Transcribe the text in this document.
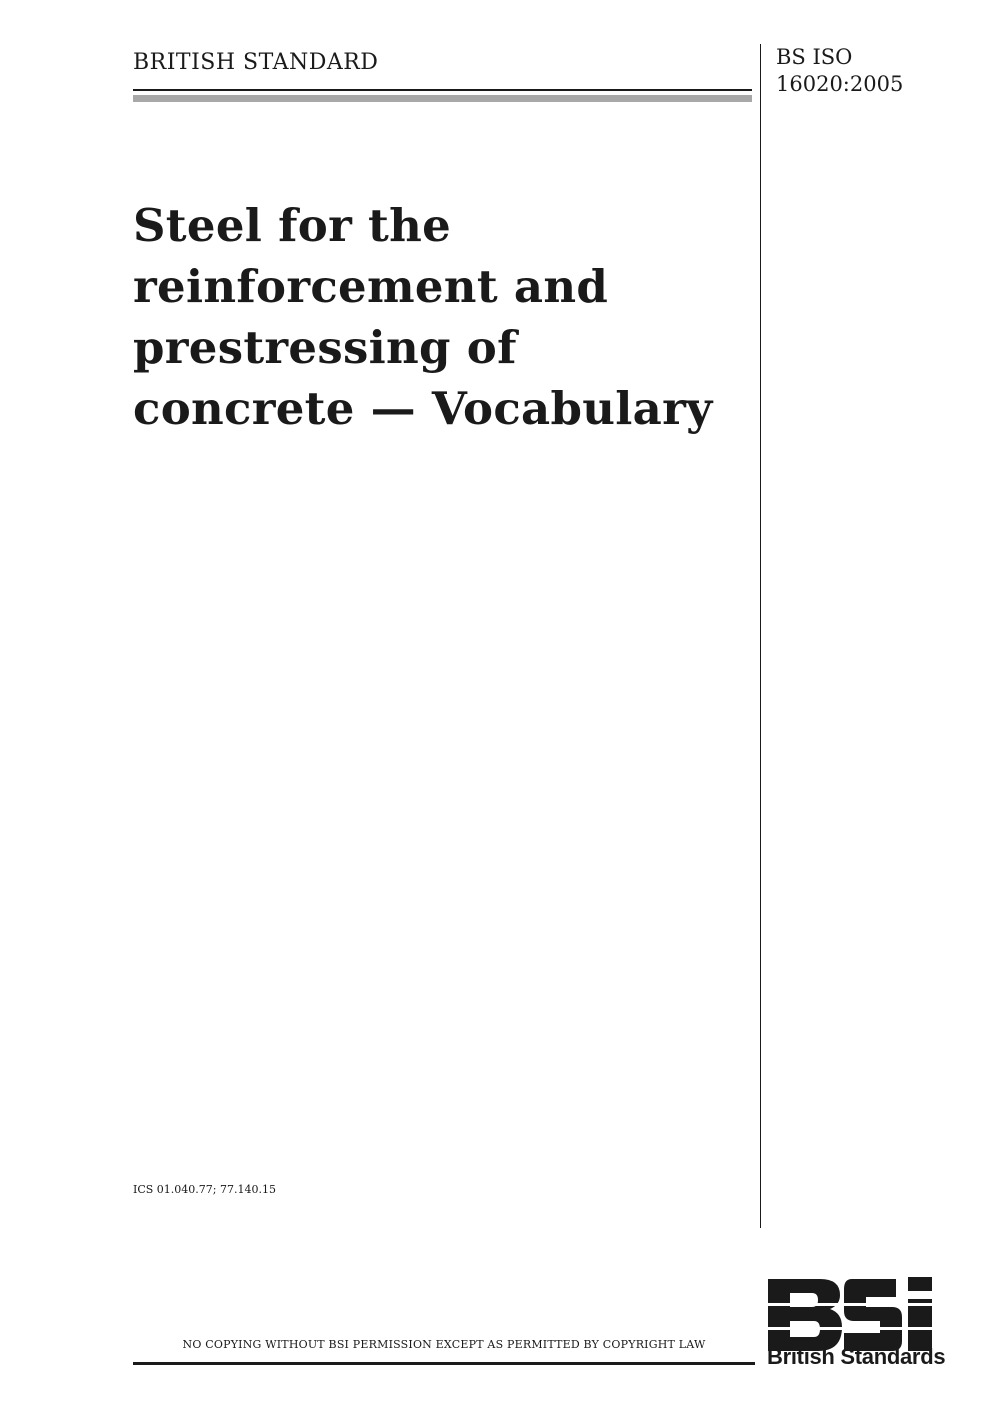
BRITISH STANDARD	BS ISO
16020:2005
Steel for the reinforcement and prestressing of concrete — Vocabulary
ICS 01.040.77; 77.140.15
NO COPYING WITHOUT BSI PERMISSION EXCEPT AS PERMITTED BY COPYRIGHT LAW
BSi
British Standards
